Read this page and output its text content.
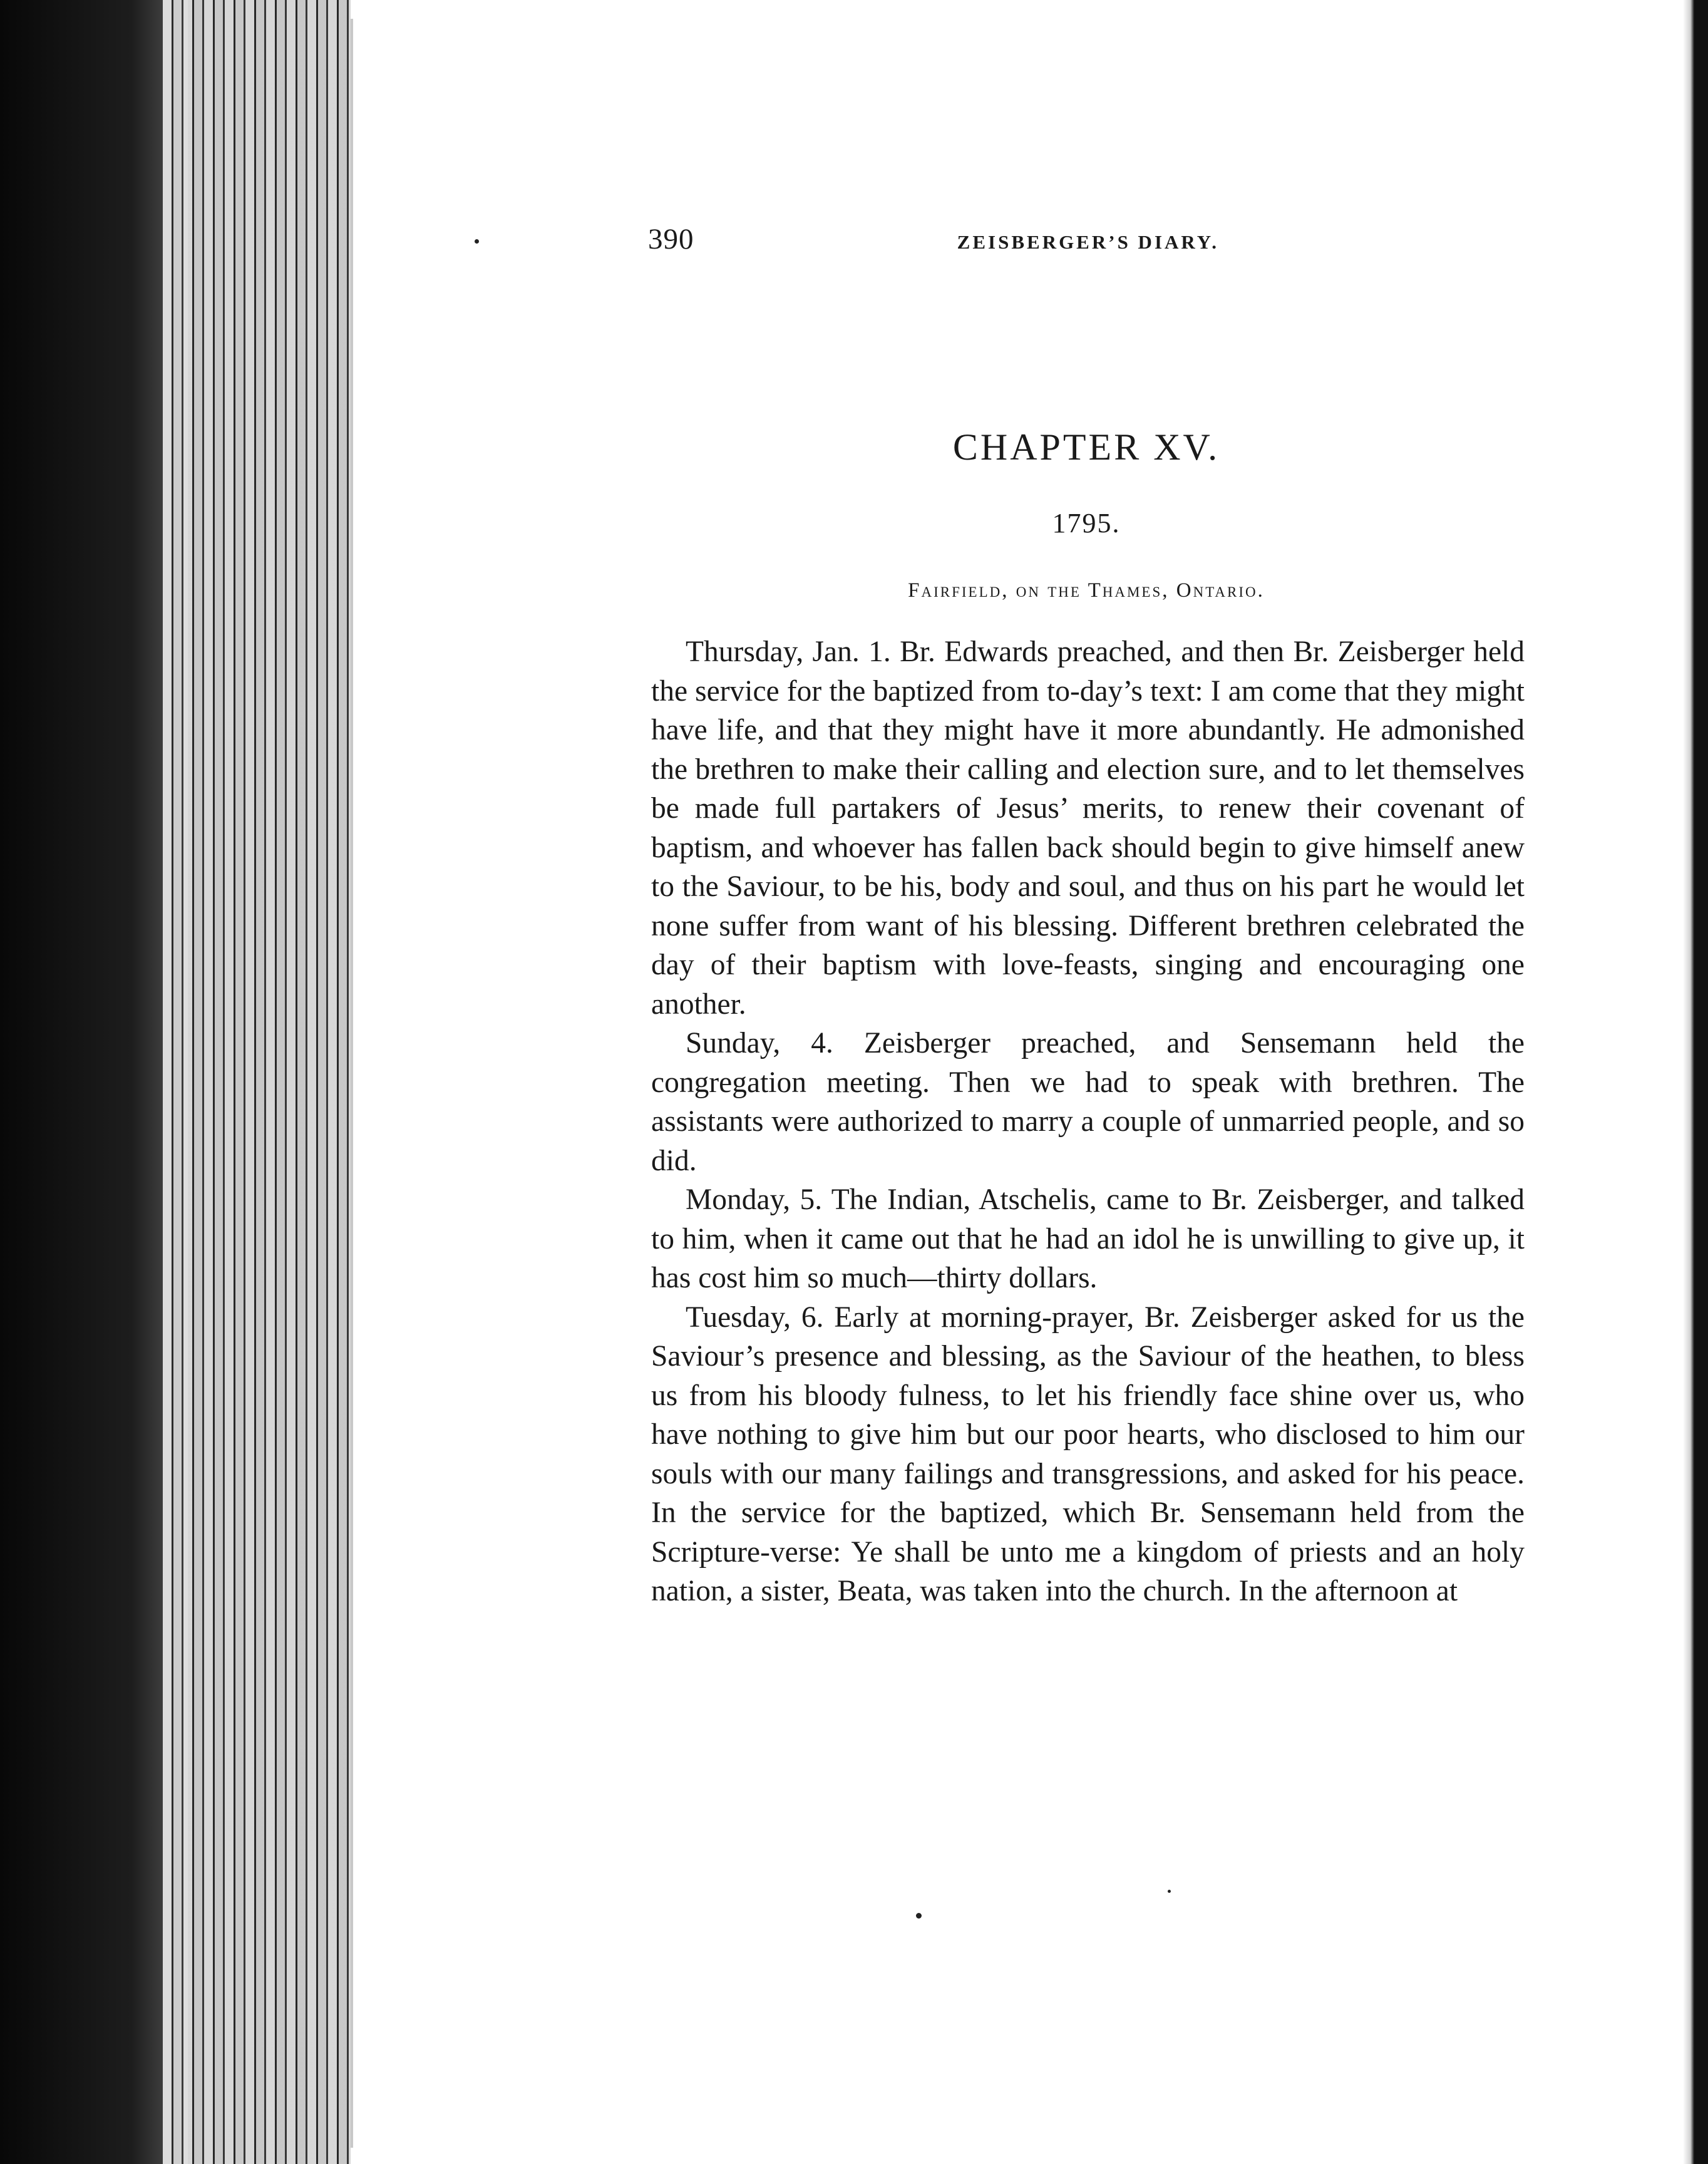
390	ZEISBERGER’S DIARY.
CHAPTER XV.
1795.
Fairfield, on the Thames, Ontario.

Thursday, Jan. 1. Br. Edwards preached, and then Br. Zeisberger held the service for the baptized from to-day’s text: I am come that they might have life, and that they might have it more abundantly. He admonished the brethren to make their calling and election sure, and to let themselves be made full partakers of Jesus’ merits, to renew their covenant of baptism, and whoever has fallen back should begin to give himself anew to the Saviour, to be his, body and soul, and thus on his part he would let none suffer from want of his blessing. Different brethren celebrated the day of their baptism with love-feasts, singing and encouraging one another.

Sunday, 4. Zeisberger preached, and Sensemann held the congregation meeting. Then we had to speak with brethren. The assistants were authorized to marry a couple of unmarried people, and so did.

Monday, 5. The Indian, Atschelis, came to Br. Zeisberger, and talked to him, when it came out that he had an idol he is unwilling to give up, it has cost him so much—thirty dollars.

Tuesday, 6. Early at morning-prayer, Br. Zeisberger asked for us the Saviour’s presence and blessing, as the Saviour of the heathen, to bless us from his bloody fulness, to let his friendly face shine over us, who have nothing to give him but our poor hearts, who disclosed to him our souls with our many failings and transgressions, and asked for his peace. In the service for the baptized, which Br. Sensemann held from the Scripture-verse: Ye shall be unto me a kingdom of priests and an holy nation, a sister, Beata, was taken into the church. In the afternoon at
